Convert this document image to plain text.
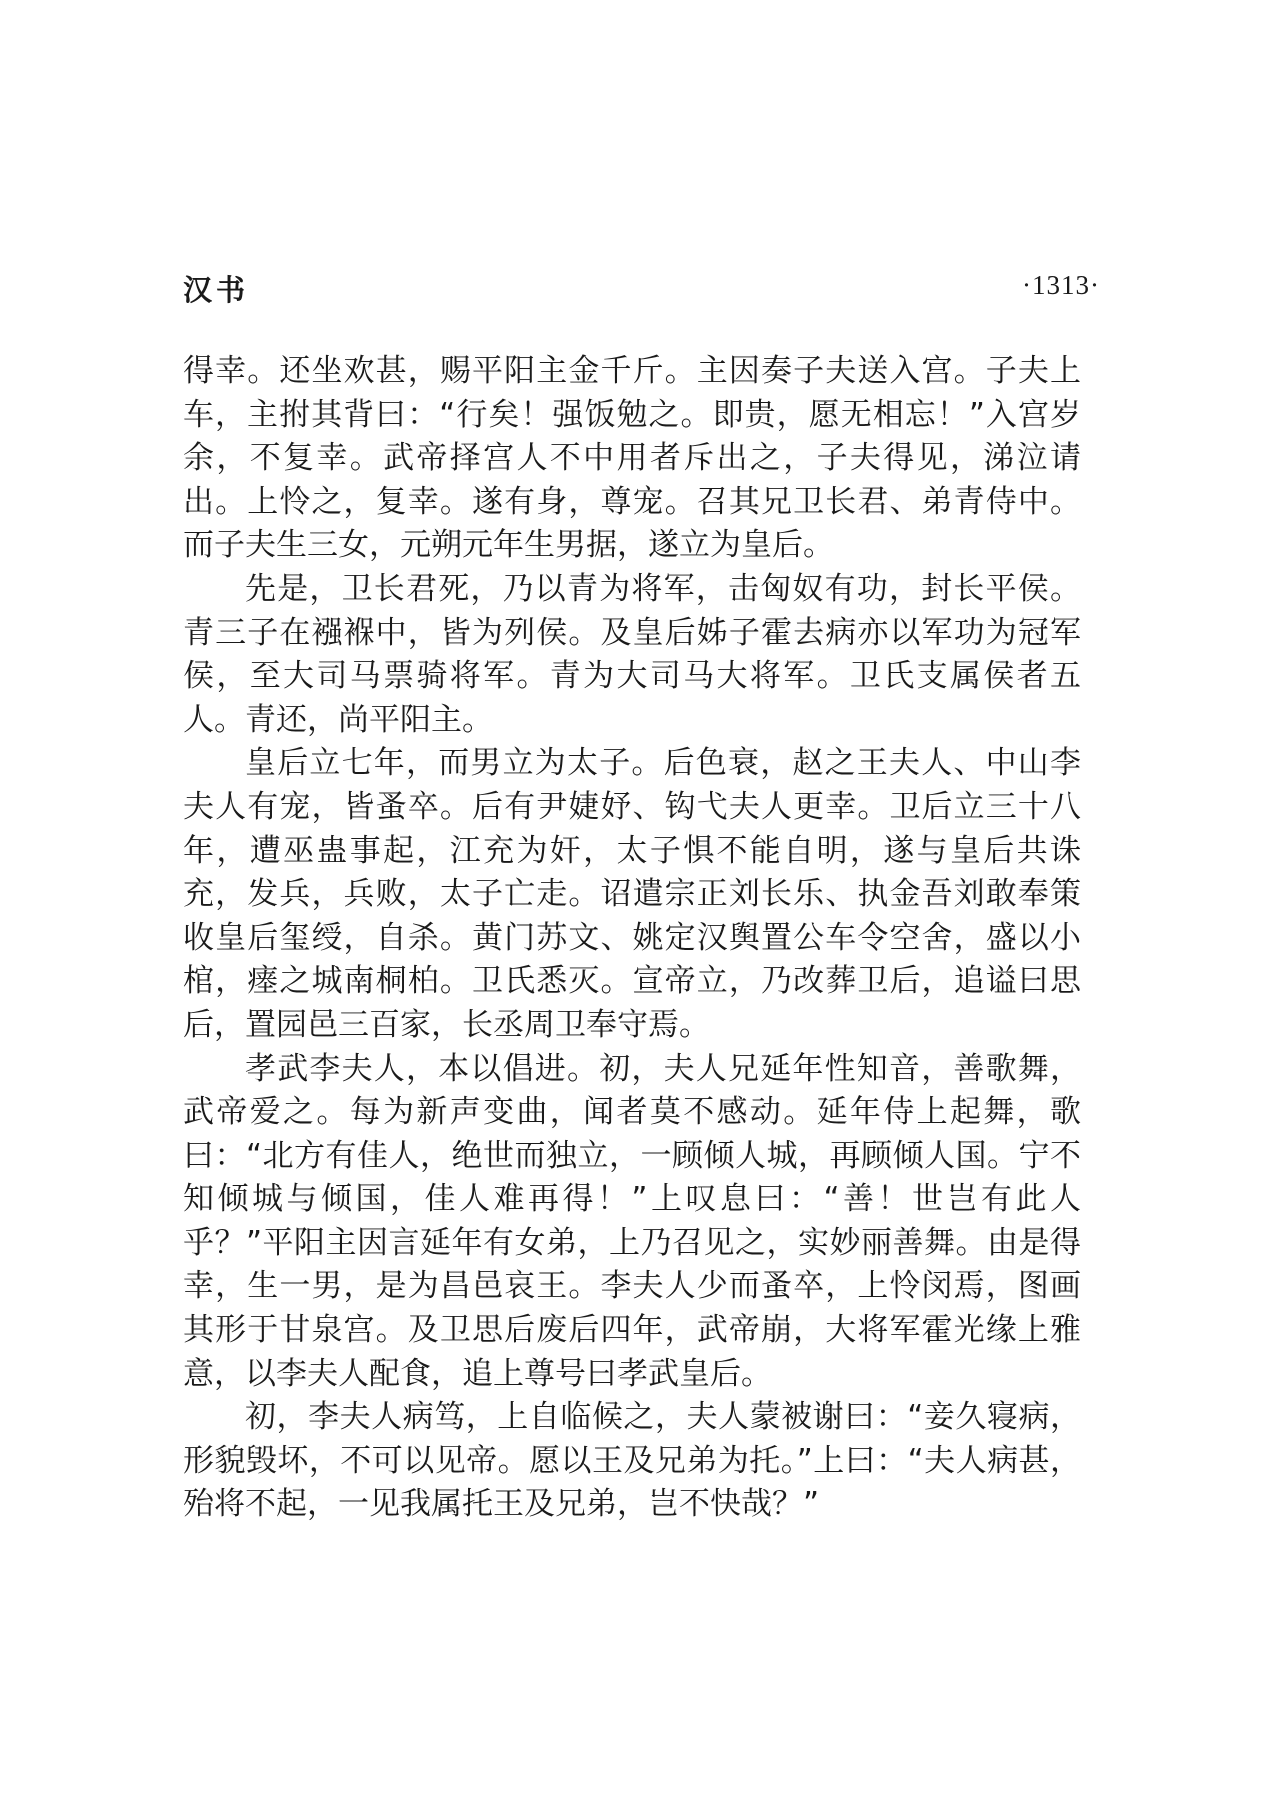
汉书	·1313·

得幸。还坐欢甚，赐平阳主金千斤。主因奏子夫送入宫。子夫上车，主拊其背曰：“行矣！强饭勉之。即贵，愿无相忘！”入宫岁余，不复幸。武帝择宫人不中用者斥出之，子夫得见，涕泣请出。上怜之，复幸。遂有身，尊宠。召其兄卫长君、弟青侍中。而子夫生三女，元朔元年生男据，遂立为皇后。

先是，卫长君死，乃以青为将军，击匈奴有功，封长平侯。青三子在襁褓中，皆为列侯。及皇后姊子霍去病亦以军功为冠军侯，至大司马票骑将军。青为大司马大将军。卫氏支属侯者五人。青还，尚平阳主。

皇后立七年，而男立为太子。后色衰，赵之王夫人、中山李夫人有宠，皆蚤卒。后有尹婕妤、钩弋夫人更幸。卫后立三十八年，遭巫蛊事起，江充为奸，太子惧不能自明，遂与皇后共诛充，发兵，兵败，太子亡走。诏遣宗正刘长乐、执金吾刘敢奉策收皇后玺绶，自杀。黄门苏文、姚定汉舆置公车令空舍，盛以小棺，瘗之城南桐柏。卫氏悉灭。宣帝立，乃改葬卫后，追谥曰思后，置园邑三百家，长丞周卫奉守焉。

孝武李夫人，本以倡进。初，夫人兄延年性知音，善歌舞，武帝爱之。每为新声变曲，闻者莫不感动。延年侍上起舞，歌曰：“北方有佳人，绝世而独立，一顾倾人城，再顾倾人国。宁不知倾城与倾国，佳人难再得！”上叹息曰：“善！世岂有此人乎？”平阳主因言延年有女弟，上乃召见之，实妙丽善舞。由是得幸，生一男，是为昌邑哀王。李夫人少而蚤卒，上怜闵焉，图画其形于甘泉宫。及卫思后废后四年，武帝崩，大将军霍光缘上雅意，以李夫人配食，追上尊号曰孝武皇后。

初，李夫人病笃，上自临候之，夫人蒙被谢曰：“妾久寝病，形貌毁坏，不可以见帝。愿以王及兄弟为托。”上曰：“夫人病甚，殆将不起，一见我属托王及兄弟，岂不快哉？”
